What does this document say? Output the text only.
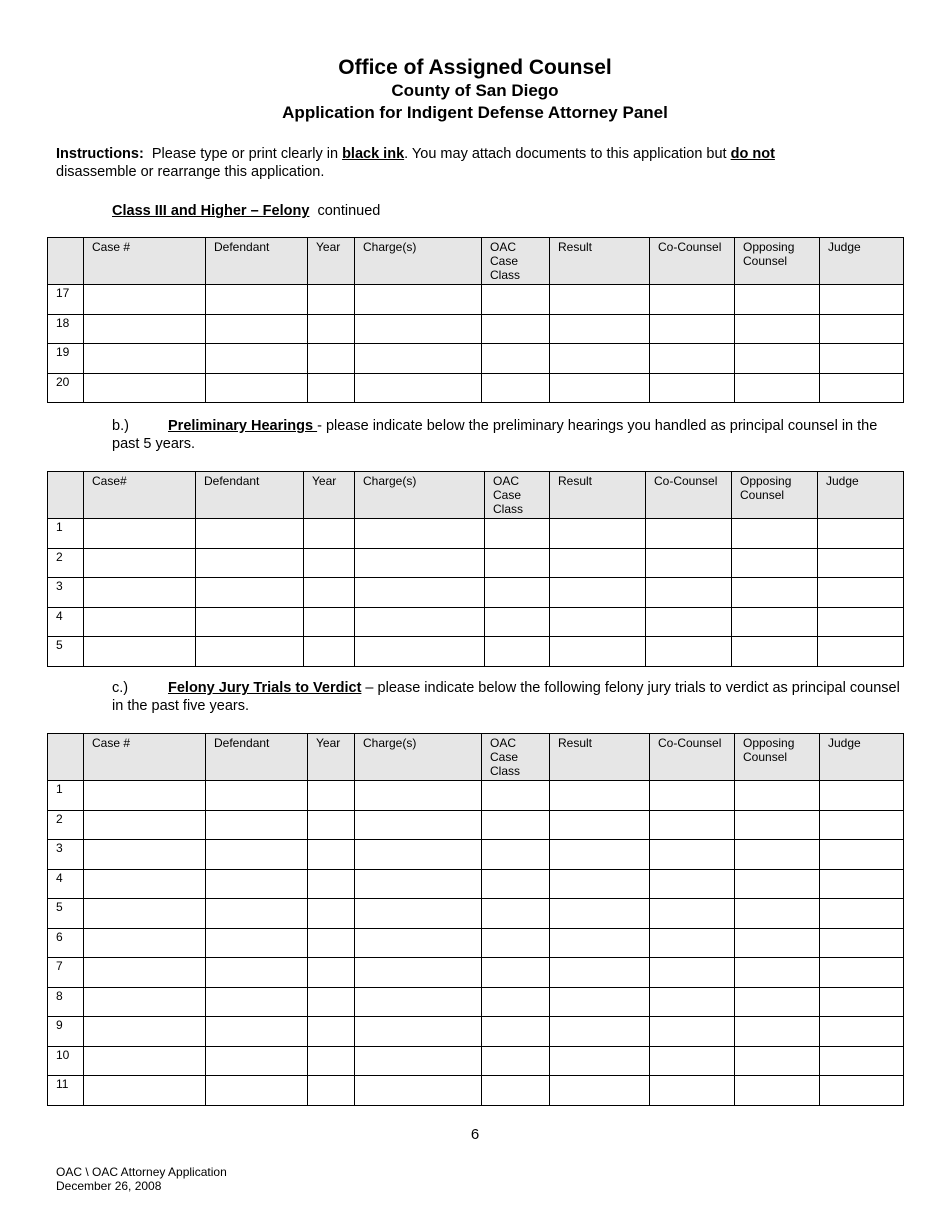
Office of Assigned Counsel
County of San Diego
Application for Indigent Defense Attorney Panel
Instructions: Please type or print clearly in black ink. You may attach documents to this application but do not
disassemble or rearrange this application.
Class III and Higher – Felony continued
	Case #	Defendant	Year	Charge(s)	OAC Case Class	Result	Co-Counsel	Opposing Counsel	Judge
17									
18									
19									
20									
b.)	Preliminary Hearings - please indicate below the preliminary hearings you handled as principal counsel in the past 5 years.
	Case#	Defendant	Year	Charge(s)	OAC Case Class	Result	Co-Counsel	Opposing Counsel	Judge
1									
2									
3									
4									
5									
c.)	Felony Jury Trials to Verdict – please indicate below the following felony jury trials to verdict as principal counsel in the past five years.
	Case #	Defendant	Year	Charge(s)	OAC Case Class	Result	Co-Counsel	Opposing Counsel	Judge
1									
2									
3									
4									
5									
6									
7									
8									
9									
10									
11									
6
OAC \ OAC Attorney Application
December 26, 2008
